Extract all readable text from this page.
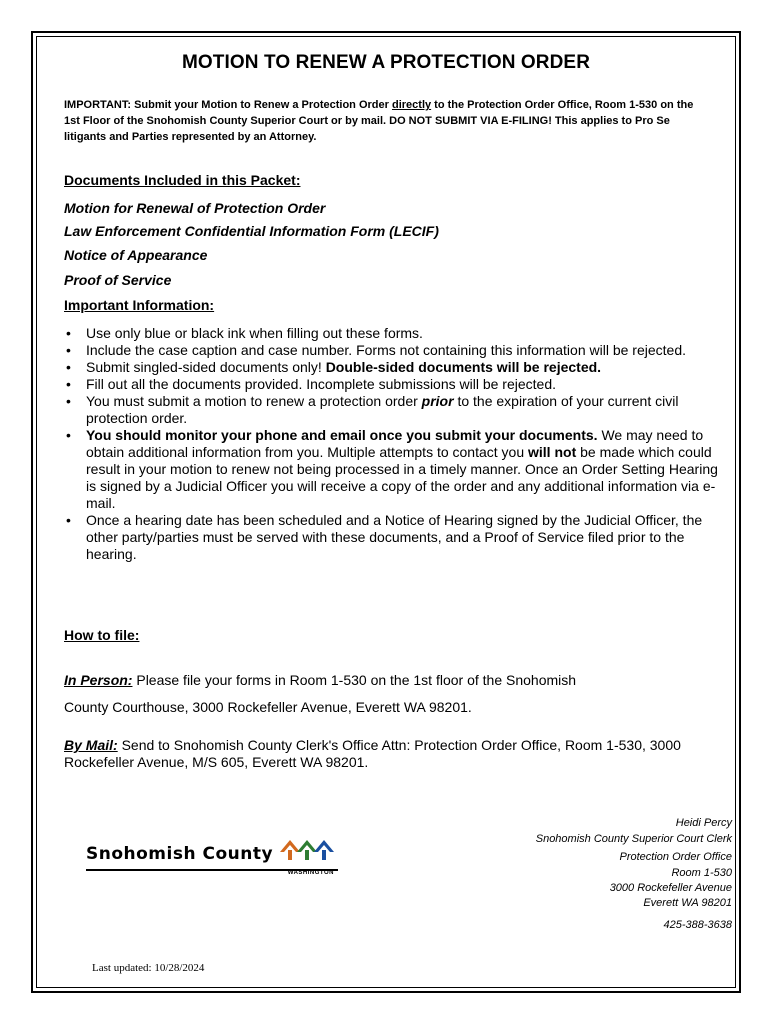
MOTION TO RENEW A PROTECTION ORDER
IMPORTANT: Submit your Motion to Renew a Protection Order directly to the Protection Order Office, Room 1-530 on the 1st Floor of the Snohomish County Superior Court or by mail. DO NOT SUBMIT VIA E-FILING! This applies to Pro Se litigants and Parties represented by an Attorney.
Documents Included in this Packet:
Motion for Renewal of Protection Order
Law Enforcement Confidential Information Form (LECIF)
Notice of Appearance
Proof of Service
Important Information:
• Use only blue or black ink when filling out these forms.
• Include the case caption and case number. Forms not containing this information will be rejected.
• Submit singled-sided documents only! Double-sided documents will be rejected.
• Fill out all the documents provided. Incomplete submissions will be rejected.
• You must submit a motion to renew a protection order prior to the expiration of your current civil protection order.
• You should monitor your phone and email once you submit your documents. We may need to obtain additional information from you. Multiple attempts to contact you will not be made which could result in your motion to renew not being processed in a timely manner. Once an Order Setting Hearing is signed by a Judicial Officer you will receive a copy of the order and any additional information via e-mail.
• Once a hearing date has been scheduled and a Notice of Hearing signed by the Judicial Officer, the other party/parties must be served with these documents, and a Proof of Service filed prior to the hearing.
How to file:
In Person: Please file your forms in Room 1-530 on the 1st floor of the Snohomish
County Courthouse, 3000 Rockefeller Avenue, Everett WA 98201.
By Mail: Send to Snohomish County Clerk's Office Attn: Protection Order Office, Room 1-530, 3000 Rockefeller Avenue, M/S 605, Everett WA 98201.
Snohomish County
WASHINGTON
Heidi Percy
Snohomish County Superior Court Clerk
Protection Order Office
Room 1-530
3000 Rockefeller Avenue
Everett WA 98201
425-388-3638
Last updated: 10/28/2024
